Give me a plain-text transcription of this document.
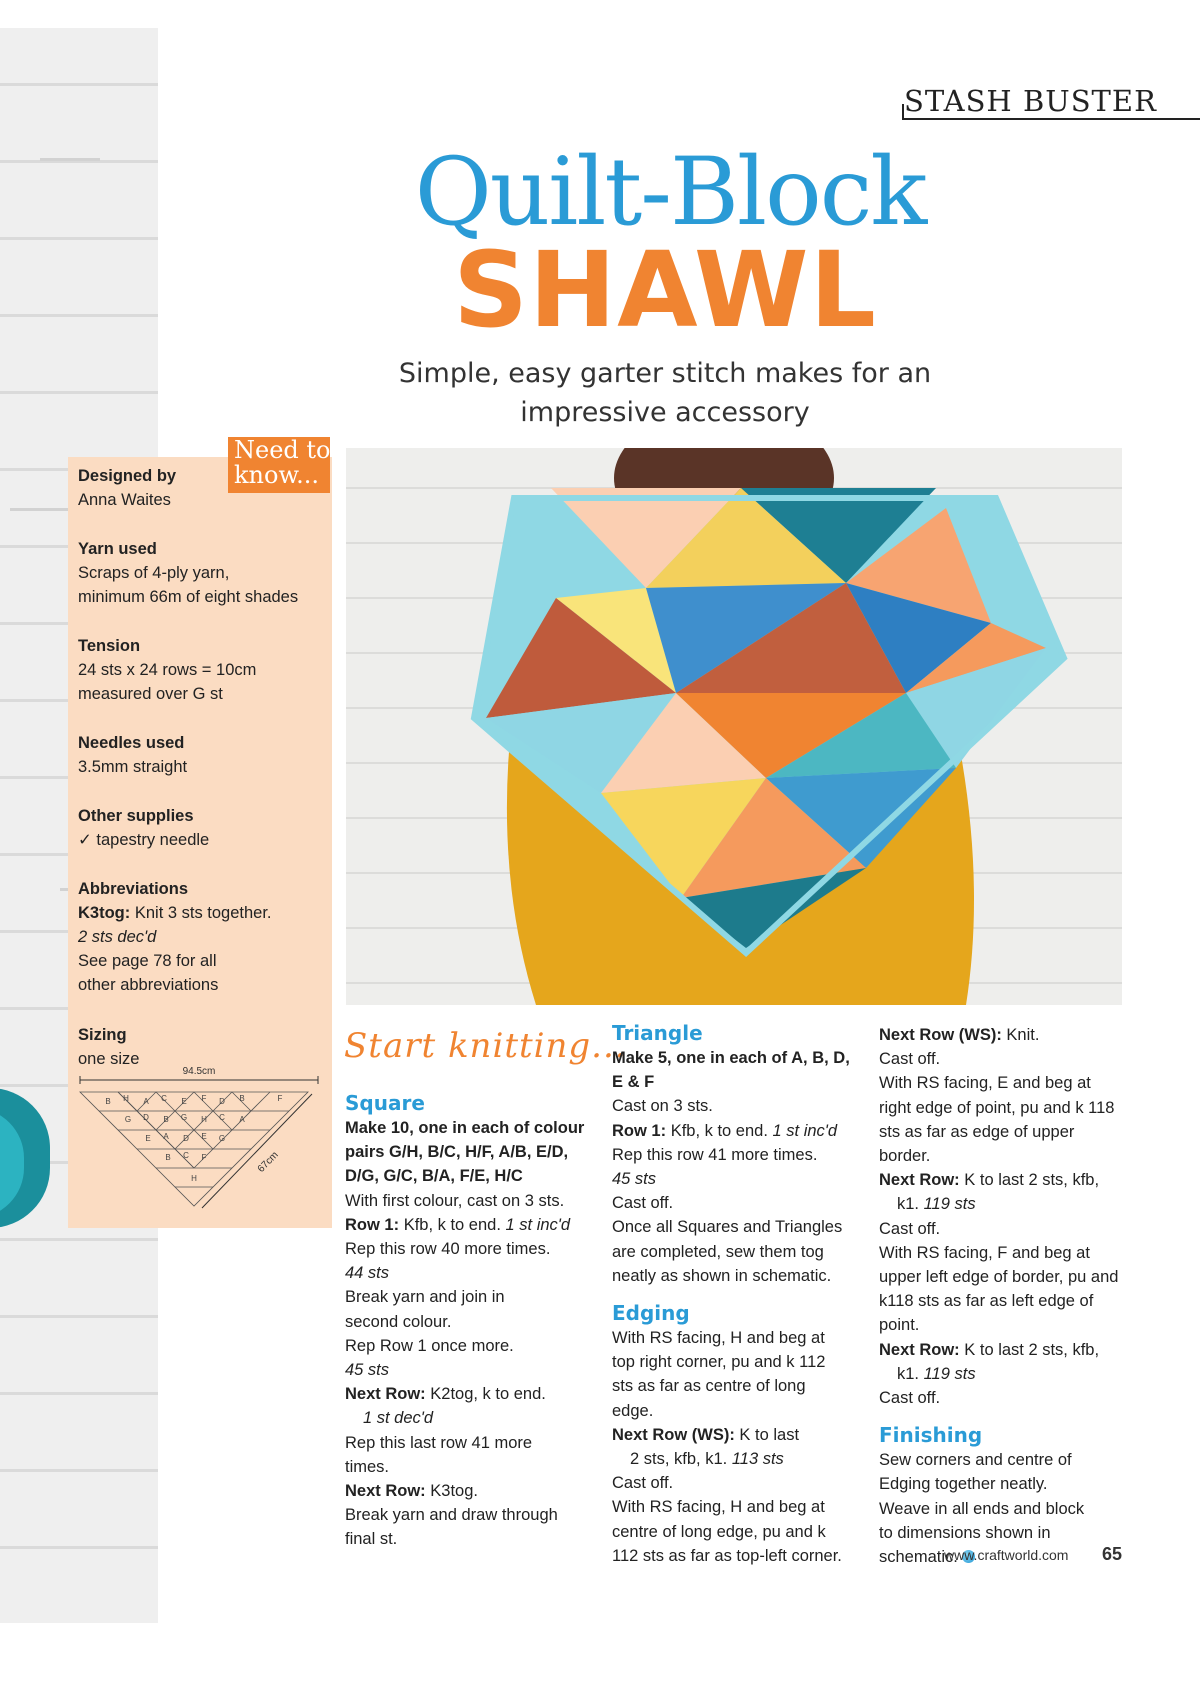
STASH BUSTER
Quilt-Block
SHAWL
Simple, easy garter stitch makes for an impressive accessory
Need to know...
Designed by
Anna Waites
Yarn used
Scraps of 4-ply yarn,
minimum 66m of eight shades
Tension
24 sts x 24 rows = 10cm
measured over G st
Needles used
3.5mm straight
Other supplies
✓ tapestry needle
Abbreviations
K3tog: Knit 3 sts together.
2 sts dec'd
See page 78 for all
other abbreviations
Sizing
one size
94.5cm
67cm
B H A C E F D B	F
G D B G H C A
E A D E G
B C F
H
Start knitting...

Square

Make 10, one in each of colour pairs G/H, B/C, H/F, A/B, E/D, D/G, G/C, B/A, F/E, H/C

With first colour, cast on 3 sts.

Row 1: Kfb, k to end. 1 st inc'd

Rep this row 40 more times.

44 sts

Break yarn and join in second colour.

Rep Row 1 once more.

45 sts

Next Row: K2tog, k to end.

1 st dec'd

Rep this last row 41 more times.

Next Row: K3tog.

Break yarn and draw through final st.

Triangle

Make 5, one in each of A, B, D, E & F

Cast on 3 sts.

Row 1: Kfb, k to end. 1 st inc'd

Rep this row 41 more times.

45 sts

Cast off.

Once all Squares and Triangles are completed, sew them tog neatly as shown in schematic.

Edging

With RS facing, H and beg at top right corner, pu and k 112 sts as far as centre of long edge.

Next Row (WS): K to last

2 sts, kfb, k1. 113 sts

Cast off.

With RS facing, H and beg at centre of long edge, pu and k 112 sts as far as top-left corner.

Next Row (WS): Knit.

Cast off.

With RS facing, E and beg at right edge of point, pu and k 118 sts as far as edge of upper border.

Next Row: K to last 2 sts, kfb,

k1. 119 sts

Cast off.

With RS facing, F and beg at upper left edge of border, pu and k118 sts as far as left edge of point.

Next Row: K to last 2 sts, kfb,

k1. 119 sts

Cast off.

Finishing

Sew corners and centre of Edging together neatly. Weave in all ends and block to dimensions shown in schematic.

www.craftworld.com 65
